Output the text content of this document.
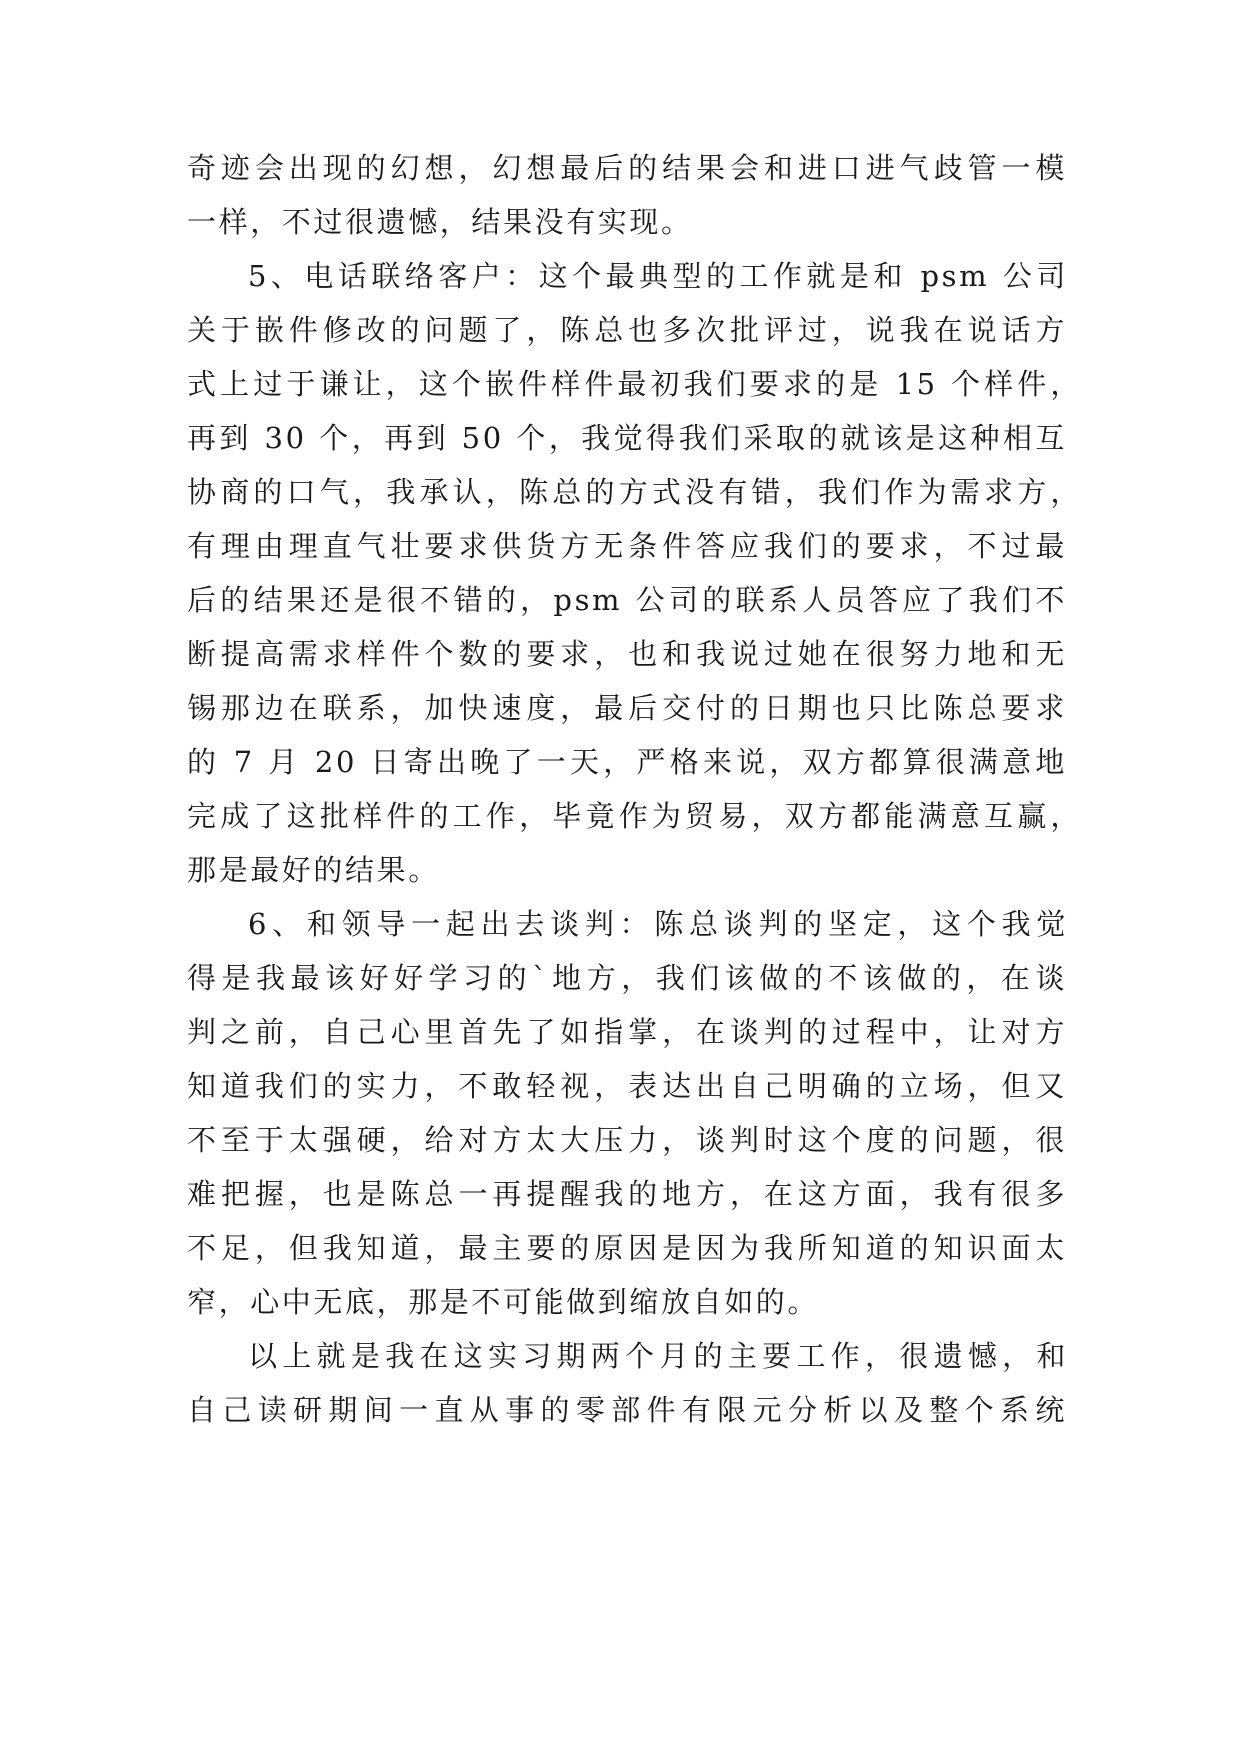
奇迹会出现的幻想，幻想最后的结果会和进口进气歧管一模
一样，不过很遗憾，结果没有实现。
5、电话联络客户：这个最典型的工作就是和 psm 公司
关于嵌件修改的问题了，陈总也多次批评过，说我在说话方
式上过于谦让，这个嵌件样件最初我们要求的是 15 个样件，
再到 30 个，再到 50 个，我觉得我们采取的就该是这种相互
协商的口气，我承认，陈总的方式没有错，我们作为需求方，
有理由理直气壮要求供货方无条件答应我们的要求，不过最
后的结果还是很不错的，psm 公司的联系人员答应了我们不
断提高需求样件个数的要求，也和我说过她在很努力地和无
锡那边在联系，加快速度，最后交付的日期也只比陈总要求
的 7 月 20 日寄出晚了一天，严格来说，双方都算很满意地
完成了这批样件的工作，毕竟作为贸易，双方都能满意互赢，
那是最好的结果。
6、和领导一起出去谈判：陈总谈判的坚定，这个我觉
得是我最该好好学习的`地方，我们该做的不该做的，在谈
判之前，自己心里首先了如指掌，在谈判的过程中，让对方
知道我们的实力，不敢轻视，表达出自己明确的立场，但又
不至于太强硬，给对方太大压力，谈判时这个度的问题，很
难把握，也是陈总一再提醒我的地方，在这方面，我有很多
不足，但我知道，最主要的原因是因为我所知道的知识面太
窄，心中无底，那是不可能做到缩放自如的。
以上就是我在这实习期两个月的主要工作，很遗憾，和
自己读研期间一直从事的零部件有限元分析以及整个系统
